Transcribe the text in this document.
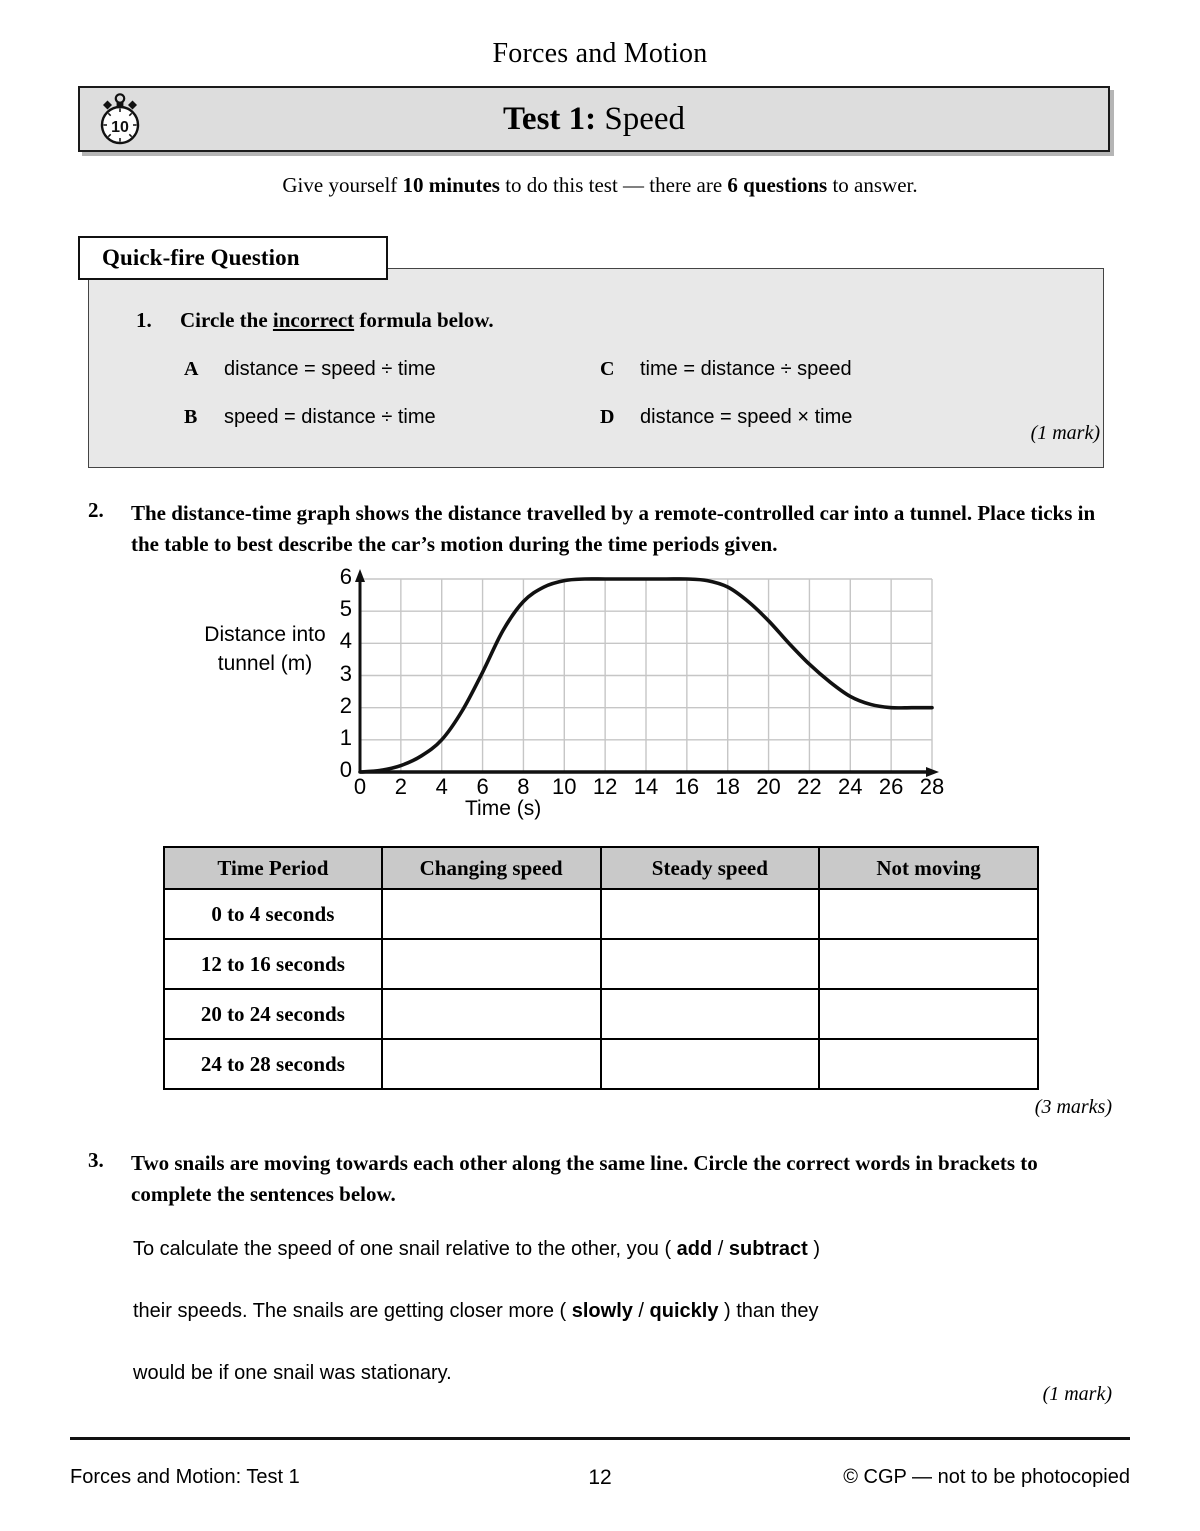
Forces and Motion
Test 1: Speed
10
Give yourself 10 minutes to do this test — there are 6 questions to answer.
Quick-fire Question
1. Circle the incorrect formula below.
A distance = speed ÷ time
B speed = distance ÷ time
C time = distance ÷ speed
D distance = speed × time
(1 mark)
2. The distance-time graph shows the distance travelled by a remote-controlled car into a tunnel. Place ticks in the table to best describe the car’s motion during the time periods given.
Distance into tunnel (m)
0
1
2
3
4
5
6
0	2	4	6	8	10 12 14 16 18 20 22 24 26 28
Time (s)
Time Period	Changing speed	Steady speed	Not moving
0 to 4 seconds			
12 to 16 seconds			
20 to 24 seconds			
24 to 28 seconds			
(3 marks)
3. Two snails are moving towards each other along the same line. Circle the correct words in brackets to complete the sentences below.
To calculate the speed of one snail relative to the other, you ( add / subtract )
their speeds. The snails are getting closer more ( slowly / quickly ) than they
would be if one snail was stationary.
(1 mark)
Forces and Motion: Test 1	12	© CGP — not to be photocopied
